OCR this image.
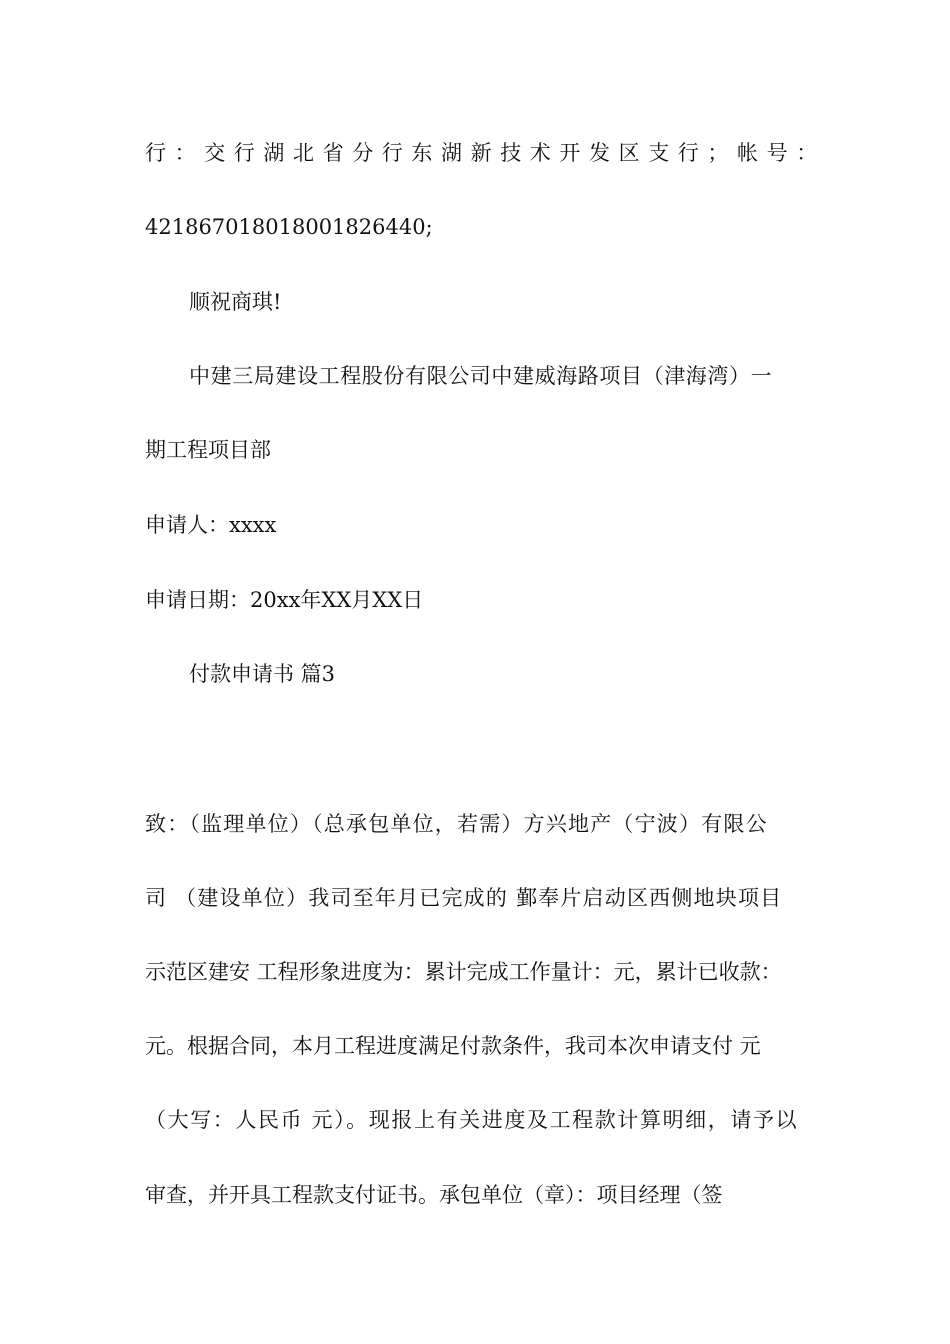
行：交行湖北省分行东湖新技术开发区支行；帐号：
421867018018001826440;
顺祝商琪!
中建三局建设工程股份有限公司中建威海路项目（津海湾）一
期工程项目部
申请人：xxxx
申请日期：20xx年XX月XX日
付款申请书 篇3
致：（监理单位）（总承包单位，若需）方兴地产（宁波）有限公
司 （建设单位）我司至年月已完成的 鄞奉片启动区西侧地块项目
示范区建安 工程形象进度为：累计完成工作量计：元，累计已收款：
元。根据合同，本月工程进度满足付款条件，我司本次申请支付 元
（大写：人民币 元）。现报上有关进度及工程款计算明细，请予以
审查，并开具工程款支付证书。承包单位（章）：项目经理（签
